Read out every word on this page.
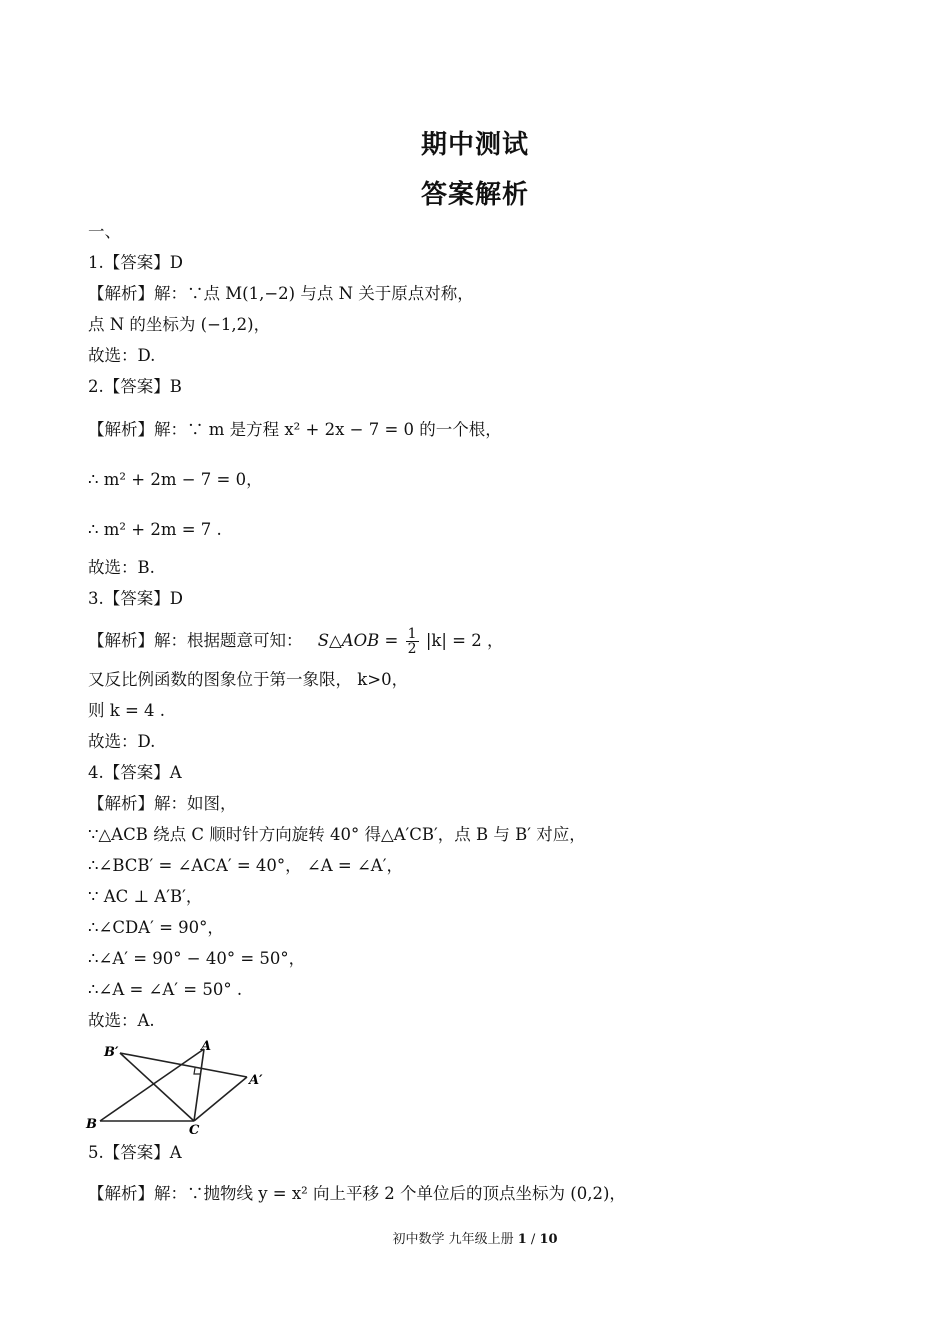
期中测试
答案解析
一、
1.【答案】D
【解析】解：∵点 M(1,−2) 与点 N 关于原点对称，
点 N 的坐标为 (−1,2)，
故选：D.
2.【答案】B
【解析】解：∵ m 是方程 x² + 2x − 7 = 0 的一个根，
∴ m² + 2m − 7 = 0，
∴ m² + 2m = 7 .
故选：B.
3.【答案】D
【解析】解：根据题意可知： S△AOB = $\frac{1}{2} |k| = 2$ ，
又反比例函数的图象位于第一象限， k>0，
则 k = 4 .
故选：D.
4.【答案】A
【解析】解：如图，
∵△ACB 绕点 C 顺时针方向旋转 40° 得△A′CB′，点 B 与 B′ 对应，
∴∠BCB′ = ∠ACA′ = 40°， ∠A = ∠A′，
∵ AC ⊥ A′B′，
∴∠CDA′ = 90°，
∴∠A′ = 90° − 40° = 50°，
∴∠A = ∠A′ = 50° .
故选：A.
B′	A
A′
B	C
5.【答案】A
【解析】解：∵抛物线 y = x² 向上平移 2 个单位后的顶点坐标为 (0,2)，
初中数学 九年级上册 1 / 10
